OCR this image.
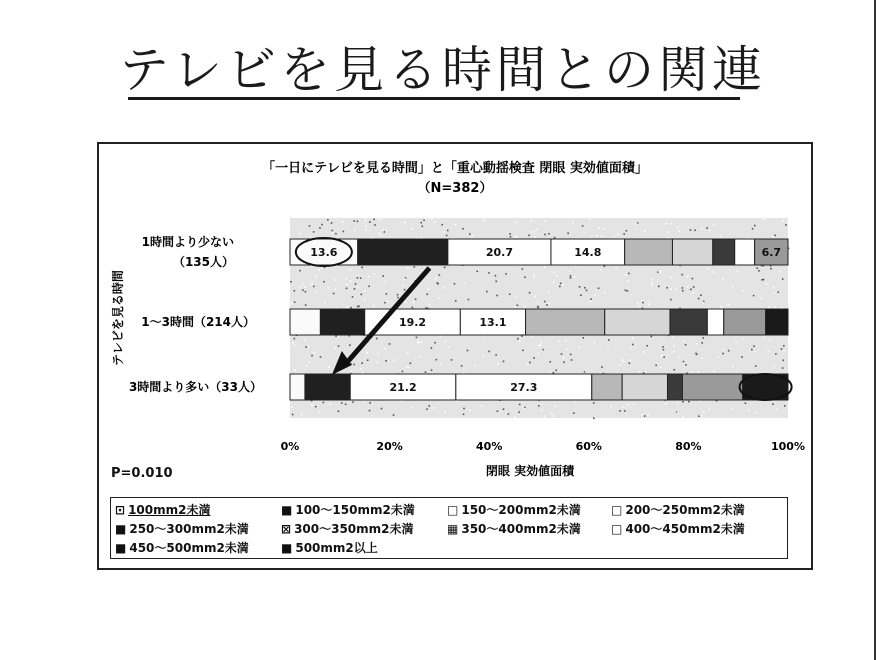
テレビを見る時間との関連
「一日にテレビを見る時間」と「重心動揺検査 閉眼 実効値面積」
（N=382）
テレビを見る時間
閉眼 実効値面積
13.6	20.7	14.8	6.7
19.2	13.1
21.2	27.3
1時間より少ない
（135人）
1～3時間（214人）
3時間より多い（33人）
0%	20%	40%	60%	80%	100%
P=0.010
⊡ 100mm2未満	■ 100～150mm2未満	□ 150～200mm2未満	□ 200～250mm2未満
■ 250～300mm2未満	⊠ 300～350mm2未満	▦ 350～400mm2未満	□ 400～450mm2未満
■ 450～500mm2未満	■ 500mm2以上
